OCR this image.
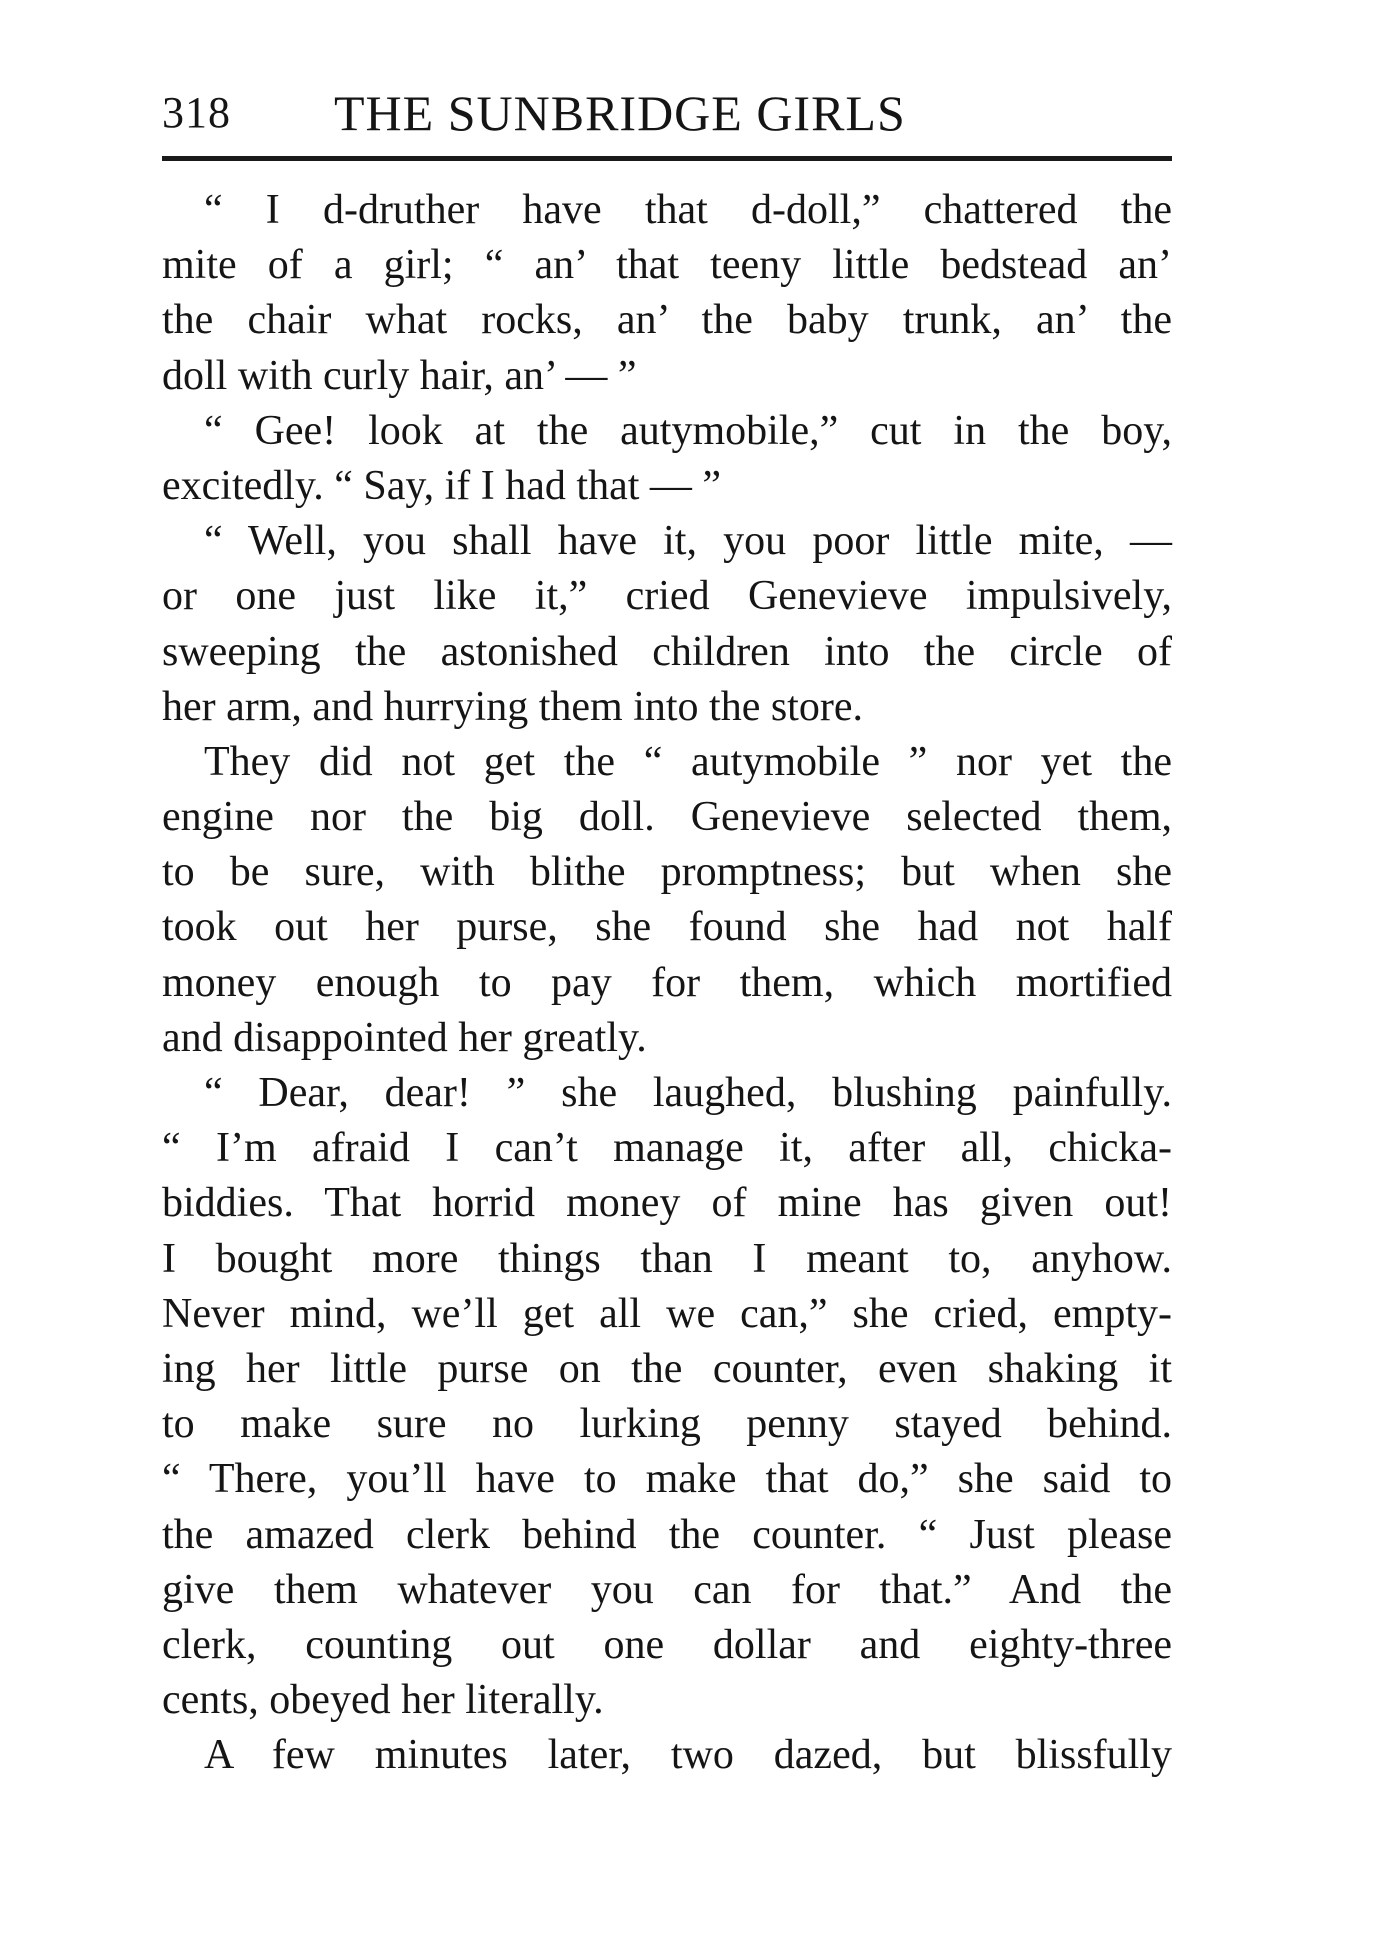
318 THE SUNBRIDGE GIRLS
“ I d-druther have that d-doll,” chattered the
mite of a girl; “ an’ that teeny little bedstead an’
the chair what rocks, an’ the baby trunk, an’ the
doll with curly hair, an’ — ”
“ Gee! look at the autymobile,” cut in the boy,
excitedly. “ Say, if I had that — ”
“ Well, you shall have it, you poor little mite, —
or one just like it,” cried Genevieve impulsively,
sweeping the astonished children into the circle of
her arm, and hurrying them into the store.
They did not get the “ autymobile ” nor yet the
engine nor the big doll. Genevieve selected them,
to be sure, with blithe promptness; but when she
took out her purse, she found she had not half
money enough to pay for them, which mortified
and disappointed her greatly.
“ Dear, dear! ” she laughed, blushing painfully.
“ I’m afraid I can’t manage it, after all, chicka-
biddies. That horrid money of mine has given out!
I bought more things than I meant to, anyhow.
Never mind, we’ll get all we can,” she cried, empty-
ing her little purse on the counter, even shaking it
to make sure no lurking penny stayed behind.
“ There, you’ll have to make that do,” she said to
the amazed clerk behind the counter. “ Just please
give them whatever you can for that.” And the
clerk, counting out one dollar and eighty-three
cents, obeyed her literally.
A few minutes later, two dazed, but blissfully
